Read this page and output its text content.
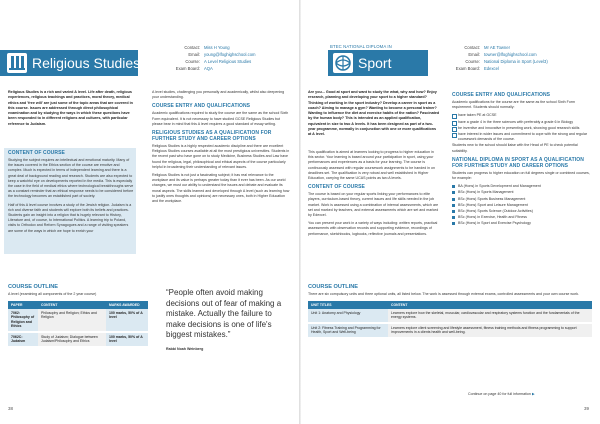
Religious Studies
Contact: Miss H Young
Email: young@lfoghighschool.com
Course: A Level Religious Studies
Exam Board: AQA
Religious Studies is a rich and varied A level. Life after death, religious experiences, religious teachings and practices, moral theory, medical ethics and 'free will' are just some of the topic areas that are covered in this course. Issues are addressed through direct philosophical examination and by studying the ways in which these questions have been responded to in different religions and cultures, with particular reference to Judaism.
CONTENT OF COURSE

Studying the subject requires an intellectual and emotional maturity. Many of the issues covered in the Ethics section of the course are emotive and complex. Much is expected in terms of independent learning and there is a great deal of background reading and research. Students are also expected to keep a watchful eye on developments reported in the media. This is especially the case in the field of medical ethics where technological breakthroughs serve as a constant reminder that an ethical response needs to be considered before the technology becomes an established part of society.

Half of this A level course involves a study of the Jewish religion. Judaism is a rich and diverse faith and students will explore both its beliefs and practices. Students gain an insight into a religion that is hugely relevant to History, Literature and, of course, to International Politics. A learning trip to Poland, visits to Orthodox and Reform Synagogues and a range of visiting speakers are some of the ways in which we hope to enrich your

A level studies, challenging you personally and academically, whilst also deepening your understanding.

COURSE ENTRY AND QUALIFICATIONS

Academic qualifications required to study the course are the same as the school Sixth Form equivalent. It is not necessary to have studied GCSE Religious Studies but please bear in mind that this A level requires a good standard of essay writing.

RELIGIOUS STUDIES AS A QUALIFICATION FOR FURTHER STUDY AND CAREER OPTIONS

Religious Studies is a highly respected academic discipline and there are excellent Religious Studies courses available at all the most prestigious universities. Students in the recent past who have gone on to study Medicine, Business Studies and Law have found the religious, legal, philosophical and ethical aspects of the course particularly helpful in broadening their understanding of relevant issues.

Religious Studies is not just a fascinating subject; it has real relevance to the workplace and its value is perhaps greater today than it ever has been. As our world changes, we must our ability to understand the issues and debate and evaluate its moral aspects. The skills learned and developed through A level (such as learning how to justify ones thoughts and opinions) are necessary ones, both in Higher Education and the workplace.

COURSE OUTLINE
A level (examining all components of the 2 year course)
PAPER	CONTENT	MARKS AWARDED
7062: Philosophy of Religion and Ethics	Philosophy and Religion; Ethics and Religion	100 marks, 50% of A level
7062C: Judaism	Study of Judaism; Dialogue between Judaism/Philosophy and Ethics	100 marks, 50% of A level
“People often avoid making decisions out of fear of making a mistake. Actually the failure to make decisions is one of life's biggest mistakes.”
Rabbi Noah Weinberg
38
BTEC NATIONAL DIPLOMA IN
Sport
Contact: Mr AE Towner
Email: towner@lfoghighschool.com
Course: National Diploma in Sport (Level3)
Exam Board: Edexcel
Are you... Good at sport and want to study the what, why and how? Enjoy research, planning and developing your sport to a higher standard? Thinking of working in the sport industry? Develop a career in sport as a coach? Aiming to manage a gym? Wanting to become a personal trainer? Wanting to influence the diet and exercise habits of the nation? Fascinated by the human body? This is intended as an applied qualification, equivalent in size to two A levels. It has been designed as part of a two-year programme, normally in conjunction with one or more qualifications at A level.

This qualification is aimed at learners looking to progress to higher education in this sector. Your learning is based around your participation in sport, using your performances and experiences as a basis for your learning. The course is continuously assessed with regular coursework assignments to be handed in on deadlines set. The qualification is very robust and well established in Higher Education, carrying the same UCAS points as two A levels.

CONTENT OF COURSE

The course is based on your regular sports linking your performances to elite players, curriculum-based theory, current issues and life skills needed in the job market. Work is assessed using a combination of internal assessments, which are set and marked by teachers, and external assessments which are set and marked by Edexcel.

You can present your work in a variety of ways including: written reports, practical assessments with observation records and supporting evidence, recordings of performance, sketchbooks, logbooks, reflective journals and presentations.

COURSE ENTRY AND QUALIFICATIONS

Academic qualifications for the course are the same as the school Sixth Form requirement. Students should normally:

have taken PE at GCSE
have a grade 4 in the three sciences with preferably a grade 6 in Biology
be inventive and innovative in presenting work, showing good research skills
have interest in wider issues and commitment to cope with the strong and regular coursework demands of the course.

Students new to the school should liaise with the Head of PE to check potential suitability.

NATIONAL DIPLOMA IN SPORT AS A QUALIFICATION FOR FURTHER STUDY AND CAREER OPTIONS

Students can progress to higher education on full degrees single or combined courses, for example:

BA (Hons) in Sports Development and Management
BSc (Hons) in Sports Management
BSc (Hons) Sports Business Management
BSc (Hons) Sport and Leisure Management
BSc (Hons) Sports Science (Outdoor Activities)
BSc (Hons) in Exercise, Health and Fitness
BSc (Hons) in Sport and Exercise Psychology
COURSE OUTLINE
There are six compulsory units and three optional units, all listed below. The work is assessed through external exams, controlled assessments and your own course work.
UNIT TITLES	CONTENT
Unit 1: Anatomy and Physiology	Learners explore how the skeletal, muscular, cardiovascular and respiratory systems function and the fundamentals of the energy systems.
Unit 2: Fitness Training and Programming for Health, Sport and Well-being	Learners explore client screening and lifestyle assessment, fitness training methods and fitness programming to support improvements in a clients health and well-being.
Continue on page 40 for full information ▶
39
